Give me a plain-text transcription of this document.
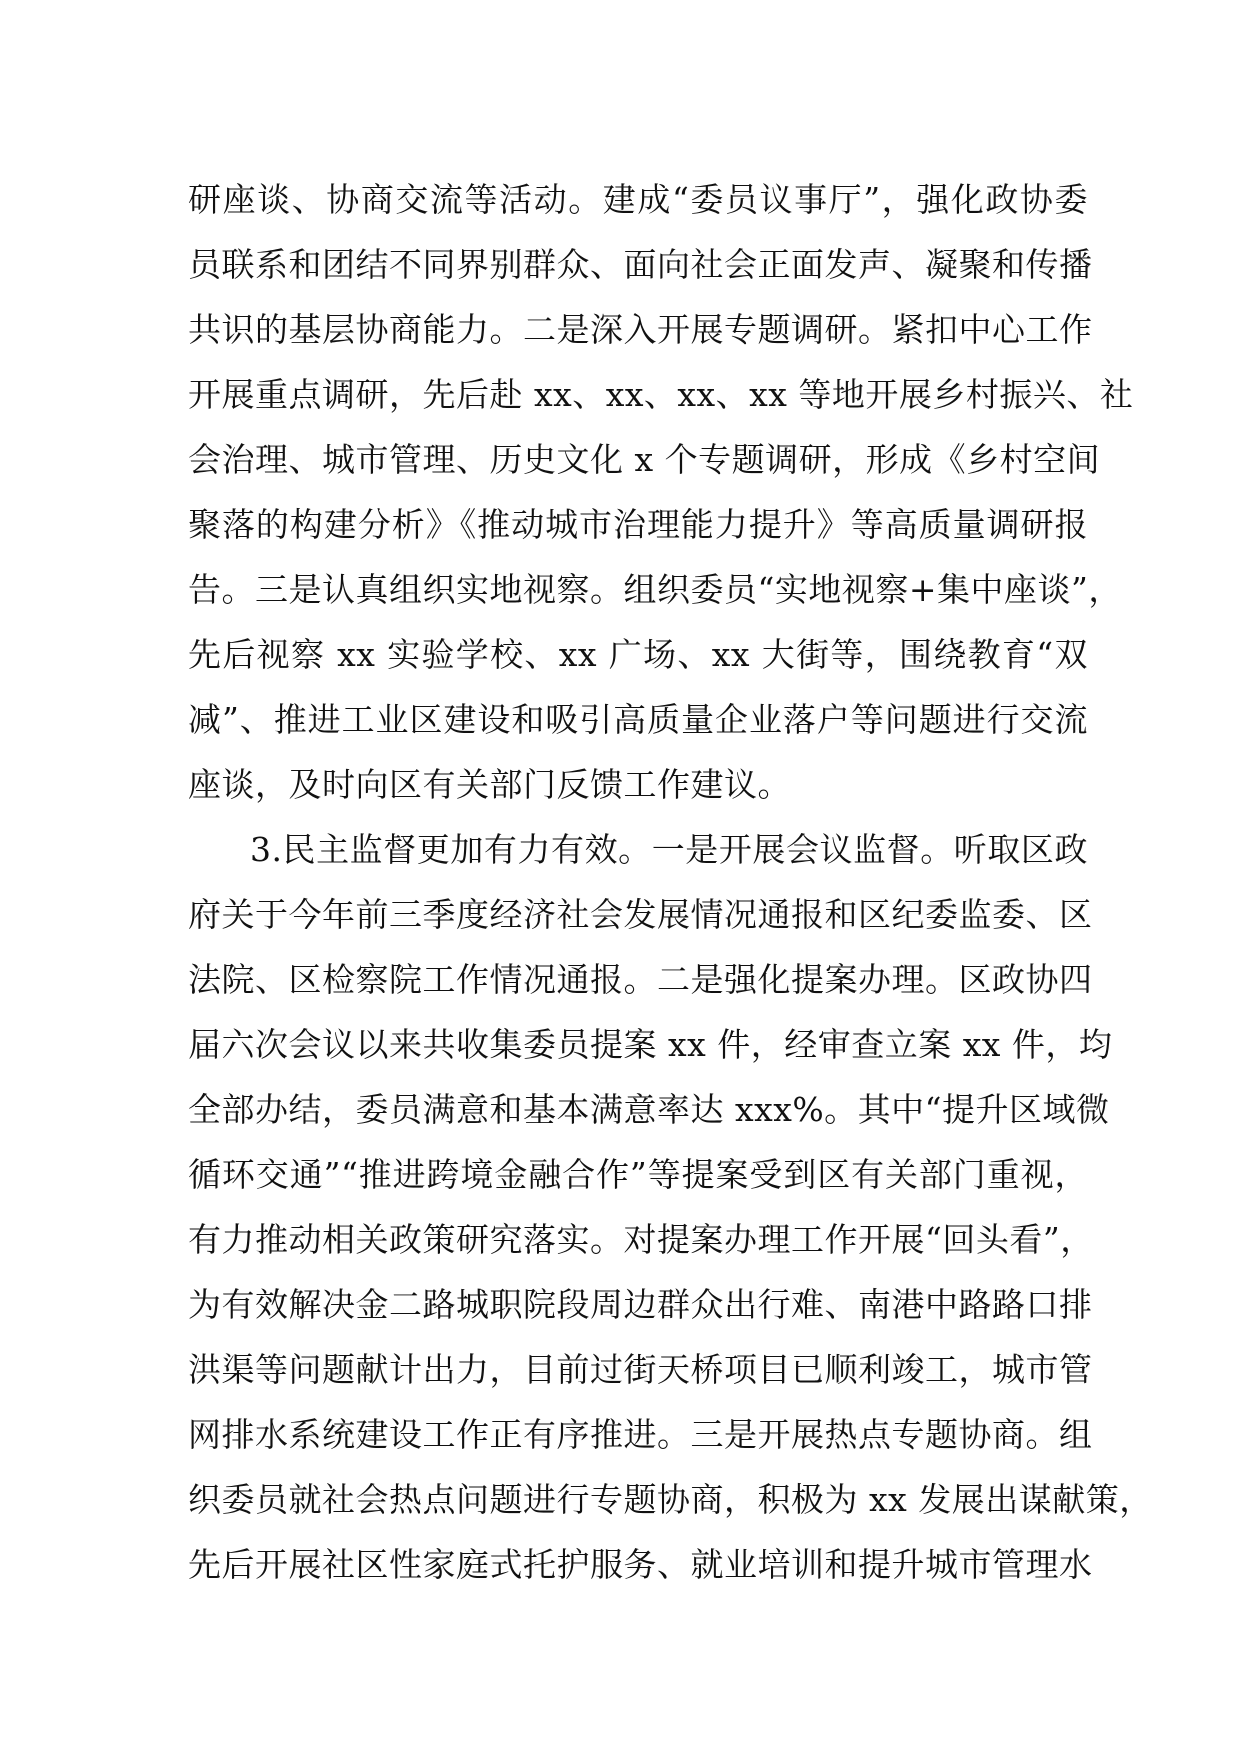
研座谈、协商交流等活动。建成“委员议事厅”，强化政协委
员联系和团结不同界别群众、面向社会正面发声、凝聚和传播
共识的基层协商能力。二是深入开展专题调研。紧扣中心工作
开展重点调研，先后赴 xx、xx、xx、xx 等地开展乡村振兴、社
会治理、城市管理、历史文化 x 个专题调研，形成《乡村空间
聚落的构建分析》《推动城市治理能力提升》等高质量调研报
告。三是认真组织实地视察。组织委员“实地视察+集中座谈”，
先后视察 xx 实验学校、xx 广场、xx 大街等，围绕教育“双
减”、推进工业区建设和吸引高质量企业落户等问题进行交流
座谈，及时向区有关部门反馈工作建议。
3.民主监督更加有力有效。一是开展会议监督。听取区政
府关于今年前三季度经济社会发展情况通报和区纪委监委、区
法院、区检察院工作情况通报。二是强化提案办理。区政协四
届六次会议以来共收集委员提案 xx 件，经审查立案 xx 件，均
全部办结，委员满意和基本满意率达 xxx%。其中“提升区域微
循环交通”“推进跨境金融合作”等提案受到区有关部门重视，
有力推动相关政策研究落实。对提案办理工作开展“回头看”，
为有效解决金二路城职院段周边群众出行难、南港中路路口排
洪渠等问题献计出力，目前过街天桥项目已顺利竣工，城市管
网排水系统建设工作正有序推进。三是开展热点专题协商。组
织委员就社会热点问题进行专题协商，积极为 xx 发展出谋献策，
先后开展社区性家庭式托护服务、就业培训和提升城市管理水
